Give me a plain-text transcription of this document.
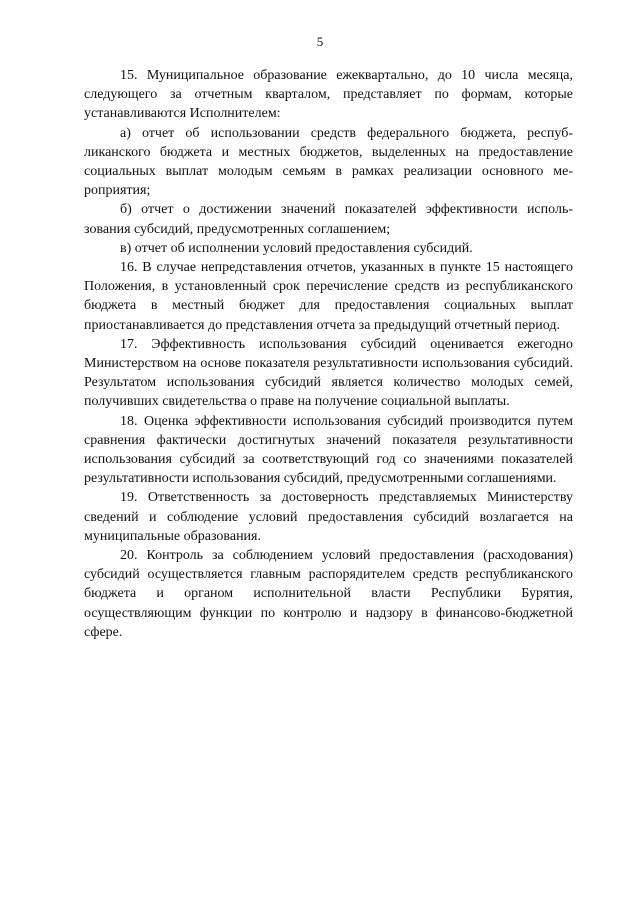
5

15. Муниципальное образование ежеквартально, до 10 числа месяца, следующего за отчетным кварталом, представляет по формам, которые устанавливаются Исполнителем:

а) отчет об использовании средств федерального бюджета, республиканского бюджета и местных бюджетов, выделенных на предоставление социальных выплат молодым семьям в рамках реализации основного мероприятия;

б) отчет о достижении значений показателей эффективности использования субсидий, предусмотренных соглашением;

в) отчет об исполнении условий предоставления субсидий.

16. В случае непредставления отчетов, указанных в пункте 15 настоящего Положения, в установленный срок перечисление средств из республиканского бюджета в местный бюджет для предоставления социальных выплат приостанавливается до представления отчета за предыдущий отчетный период.

17. Эффективность использования субсидий оценивается ежегодно Министерством на основе показателя результативности использования субсидий. Результатом использования субсидий является количество молодых семей, получивших свидетельства о праве на получение социальной выплаты.

18. Оценка эффективности использования субсидий производится путем сравнения фактически достигнутых значений показателя результативности использования субсидий за соответствующий год со значениями показателей результативности использования субсидий, предусмотренными соглашениями.

19. Ответственность за достоверность представляемых Министерству сведений и соблюдение условий предоставления субсидий возлагается на муниципальные образования.

20. Контроль за соблюдением условий предоставления (расходования) субсидий осуществляется главным распорядителем средств республиканского бюджета и органом исполнительной власти Республики Бурятия, осуществляющим функции по контролю и надзору в финансово-бюджетной сфере.
